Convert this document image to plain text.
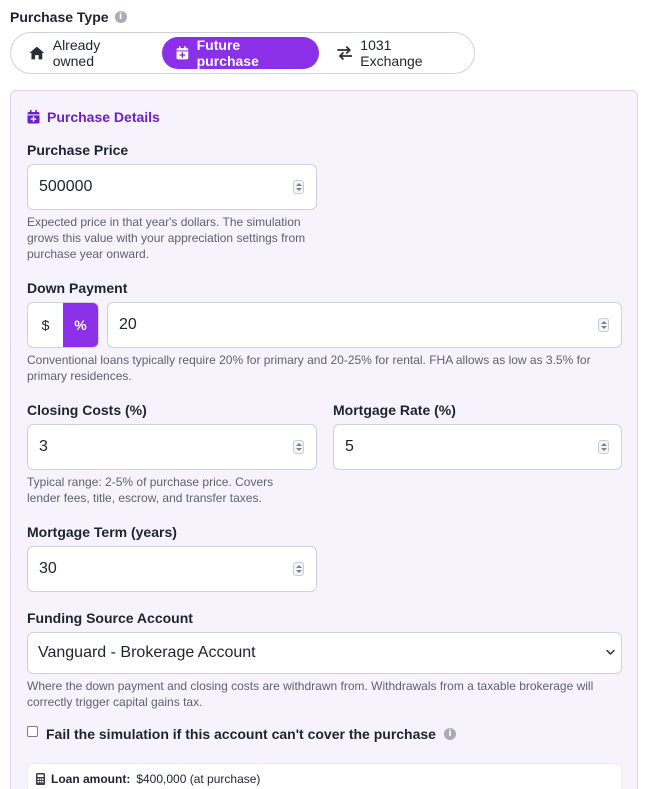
Purchase Type	i
Already owned
Future purchase
1031 Exchange
Purchase Details
Purchase Price
500000
Expected price in that year's dollars. The simulation grows this value with your appreciation settings from purchase year onward.
Down Payment
$	%	20
Conventional loans typically require 20% for primary and 20-25% for rental. FHA allows as low as 3.5% for primary residences.
Closing Costs (%)
3
Typical range: 2-5% of purchase price. Covers lender fees, title, escrow, and transfer taxes.
Mortgage Rate (%)
5
Mortgage Term (years)
30
Funding Source Account
Vanguard - Brokerage Account
Where the down payment and closing costs are withdrawn from. Withdrawals from a taxable brokerage will correctly trigger capital gains tax.
Fail the simulation if this account can't cover the purchase	i
Loan amount: $400,000 (at purchase)
